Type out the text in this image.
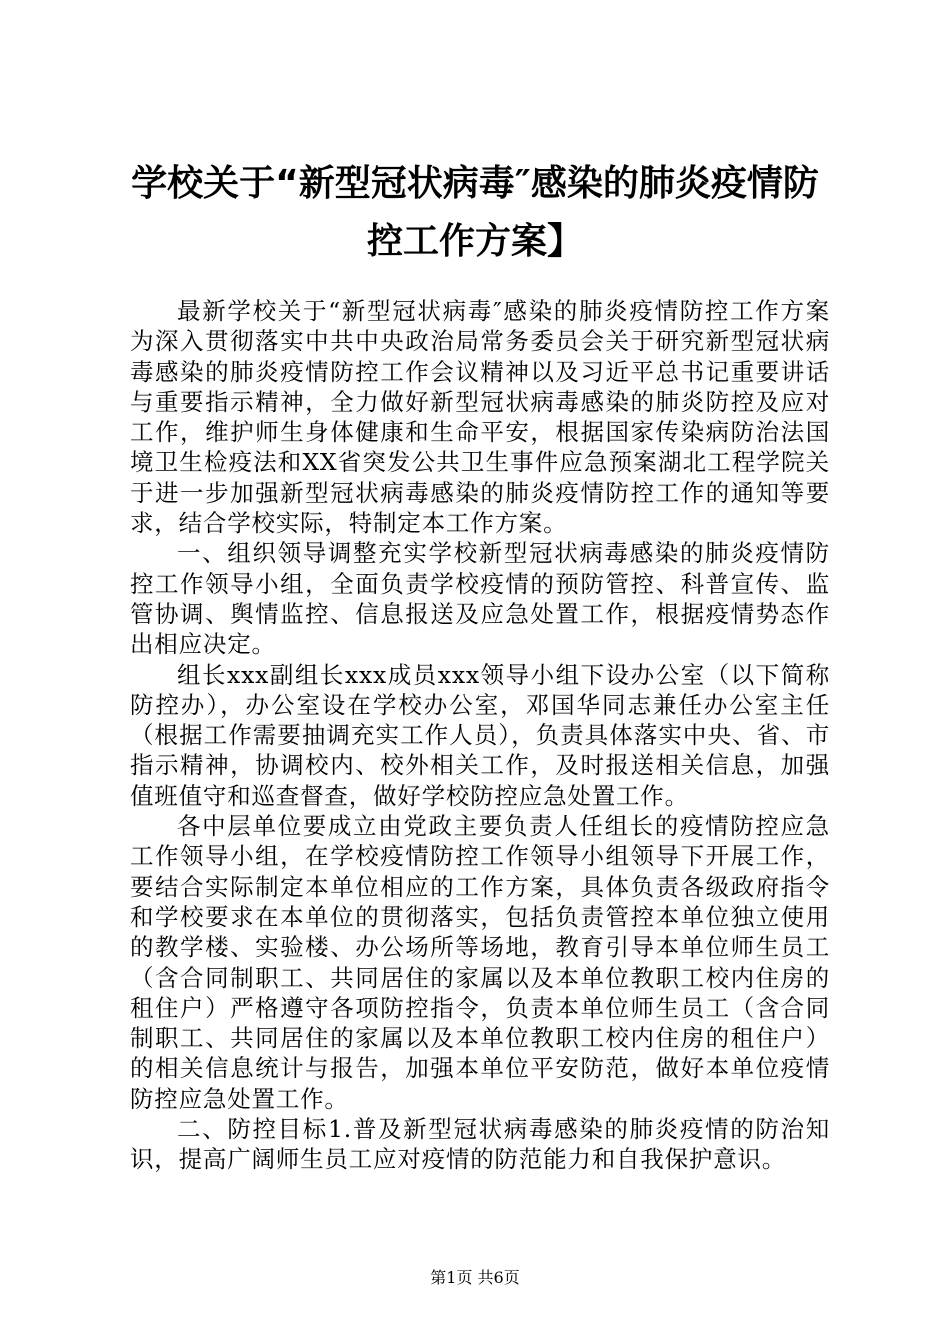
学校关于“新型冠状病毒″感染的肺炎疫情防
控工作方案】

最新学校关于“新型冠状病毒″感染的肺炎疫情防控工作方案为深入贯彻落实中共中央政治局常务委员会关于研究新型冠状病毒感染的肺炎疫情防控工作会议精神以及习近平总书记重要讲话与重要指示精神，全力做好新型冠状病毒感染的肺炎防控及应对工作，维护师生身体健康和生命平安，根据国家传染病防治法国境卫生检疫法和XX省突发公共卫生事件应急预案湖北工程学院关于进一步加强新型冠状病毒感染的肺炎疫情防控工作的通知等要求，结合学校实际，特制定本工作方案。

一、组织领导调整充实学校新型冠状病毒感染的肺炎疫情防控工作领导小组，全面负责学校疫情的预防管控、科普宣传、监管协调、舆情监控、信息报送及应急处置工作，根据疫情势态作出相应决定。

组长xxx副组长xxx成员xxx领导小组下设办公室（以下简称防控办），办公室设在学校办公室，邓国华同志兼任办公室主任（根据工作需要抽调充实工作人员），负责具体落实中央、省、市指示精神，协调校内、校外相关工作，及时报送相关信息，加强值班值守和巡查督查，做好学校防控应急处置工作。

各中层单位要成立由党政主要负责人任组长的疫情防控应急工作领导小组，在学校疫情防控工作领导小组领导下开展工作，要结合实际制定本单位相应的工作方案，具体负责各级政府指令和学校要求在本单位的贯彻落实，包括负责管控本单位独立使用的教学楼、实验楼、办公场所等场地，教育引导本单位师生员工（含合同制职工、共同居住的家属以及本单位教职工校内住房的租住户）严格遵守各项防控指令，负责本单位师生员工（含合同制职工、共同居住的家属以及本单位教职工校内住房的租住户）的相关信息统计与报告，加强本单位平安防范，做好本单位疫情防控应急处置工作。

二、防控目标1.普及新型冠状病毒感染的肺炎疫情的防治知识，提高广阔师生员工应对疫情的防范能力和自我保护意识。

第1页 共6页
